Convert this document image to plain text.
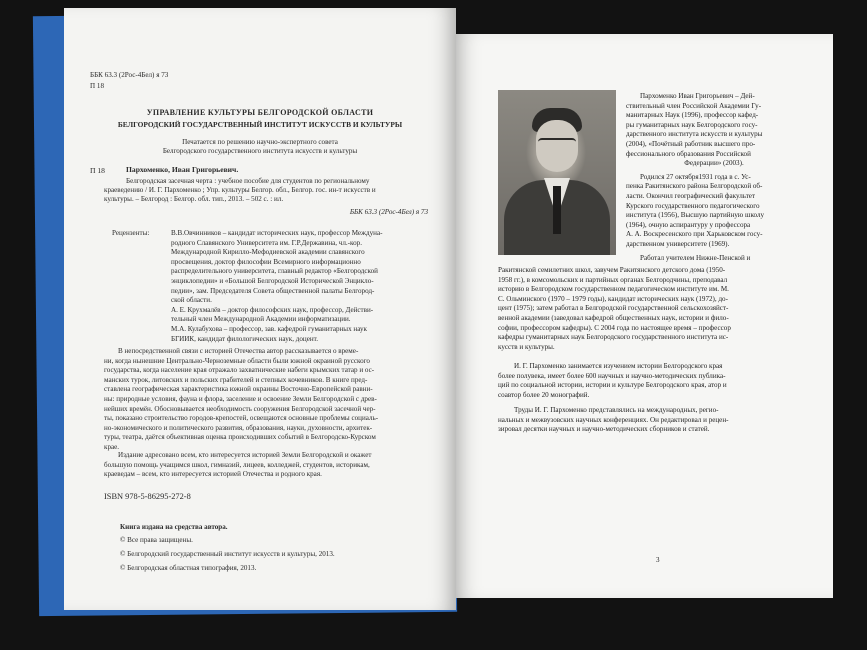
ББК 63.3 (2Рос-4Бел) я 73
П 18
УПРАВЛЕНИЕ КУЛЬТУРЫ БЕЛГОРОДСКОЙ ОБЛАСТИ
БЕЛГОРОДСКИЙ ГОСУДАРСТВЕННЫЙ ИНСТИТУТ ИСКУССТВ И КУЛЬТУРЫ
Печатается по решению научно-экспертного совета
Белгородского государственного института искусств и культуры
П 18	Пархоменко, Иван Григорьевич.
Белгородская засечная черта : учебное пособие для студентов по региональному
краеведению / И. Г. Пархоменко ; Упр. культуры Белгор. обл., Белгор. гос. ин-т искусств и
культуры. – Белгород : Белгор. обл. тип., 2013. – 502 с. : ил.
ББК 63.3 (2Рос-4Бел) я 73
Рецензенты:	В.В.Овчинников – кандидат исторических наук, профессор Междуна-
родного Славянского Университета им. Г.Р.Державина, чл.-кор.
Международной Кирилло-Мефодиевской академии славянского
просвещения, доктор философии Всемирного информационно
распределительного университета, главный редактор «Белгородской
энциклопедии» и «Большой Белгородской Исторической Энцикло-
педии», зам. Председателя Совета общественной палаты Белгород-
ской области.
А. Е. Крухмалёв – доктор философских наук, профессор, Действи-
тельный член Международной Академии информатизации.
М.А. Кулабухова – профессор, зав. кафедрой гуманитарных наук
БГИИК, кандидат филологических наук, доцент.
В непосредственной связи с историей Отечества автор рассказывается о време-
ни, когда нынешние Центрально-Черноземные области были южной окраиной русского
государства, когда население края отражало захватнические набеги крымских татар и ос-
манских турок, литовских и польских грабителей и степных кочевников. В книге пред-
ставлена географическая характеристика южной окраины Восточно-Европейской равни-
ны: природные условия, фауна и флора, заселение и освоение Земли Белгородской с древ-
нейших времён. Обосновывается необходимость сооружения Белгородской засечной чер-
ты, показано строительство городов-крепостей, освещаются основные проблемы социаль-
но-экономического и политического развития, образования, науки, духовности, архитек-
туры, театра, даётся объективная оценка происходивших событий в Белгородско-Курском
крае.
Издание адресовано всем, кто интересуется историей Земли Белгородской и окажет
большую помощь учащимся школ, гимназий, лицеев, колледжей, студентов, историкам,
краеведам – всем, кто интересуется историей Отечества и родного края.
ISBN 978-5-86295-272-8
Книга издана на средства автора.
© Все права защищены.
© Белгородский государственный институт искусств и культуры, 2013.
© Белгородская областная типография, 2013.
Пархоменко Иван Григорьевич – Дей-
ствительный член Российской Академии Гу-
манитарных Наук (1996), профессор кафед-
ры гуманитарных наук Белгородского госу-
дарственного института искусств и культуры
(2004), «Почётный работник высшего про-
фессионального образования Российской
Федерации» (2003).
Родился 27 октября1931 года в с. Ус-
пенка Ракитянского района Белгородской об-
ласти. Окончил географический факультет
Курского государственного педагогического
института (1956), Высшую партийную школу
(1964), очную аспирантуру у профессора
А. А. Воскресенского при Харьковском госу-
дарственном университете (1969).
Работал учителем Нижне-Пенской и
Ракитянской семилетних школ, завучем Ракитянского детского дома (1950-
1958 гг.), в комсомольских и партийных органах Белгородчины, преподавал
историю в Белгородском государственном педагогическом институте им. М.
С. Ольминского (1970 – 1979 годы), кандидат исторических наук (1972), до-
цент (1975); затем работал в Белгородской государственной сельскохозяйст-
венной академии (заведовал кафедрой общественных наук, истории и фило-
софии, профессором кафедры). С 2004 года по настоящее время – профессор
кафедры гуманитарных наук Белгородского государственного института ис-
кусств и культуры.
И. Г. Пархоменко занимается изучением истории Белгородского края
более полувека, имеет более 600 научных и научно-методических публика-
ций по социальной истории, истории и культуре Белгородского края, атор и
соавтор более 20 монографий.
Труды И. Г. Пархоменко представлялись на международных, регио-
нальных и межвузовских научных конференциях. Он редактировал и рецен-
зировал десятки научных и научно-методических сборников и статей.
3
